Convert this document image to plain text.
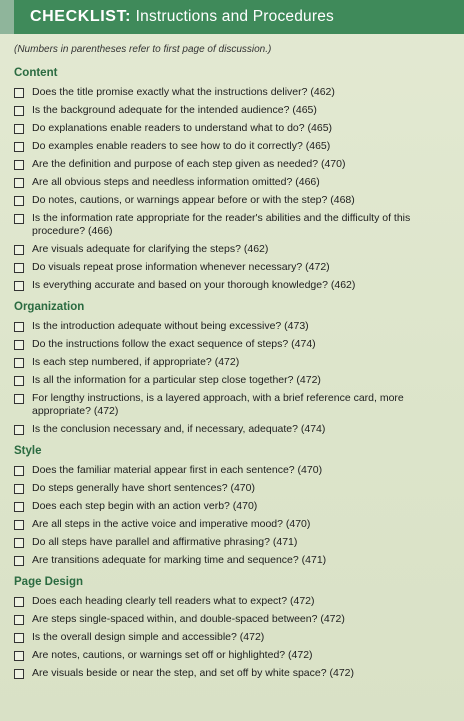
CHECKLIST: Instructions and Procedures
(Numbers in parentheses refer to first page of discussion.)
Content
Does the title promise exactly what the instructions deliver? (462)
Is the background adequate for the intended audience? (465)
Do explanations enable readers to understand what to do? (465)
Do examples enable readers to see how to do it correctly? (465)
Are the definition and purpose of each step given as needed? (470)
Are all obvious steps and needless information omitted? (466)
Do notes, cautions, or warnings appear before or with the step? (468)
Is the information rate appropriate for the reader's abilities and the difficulty of this procedure? (466)
Are visuals adequate for clarifying the steps? (462)
Do visuals repeat prose information whenever necessary? (472)
Is everything accurate and based on your thorough knowledge? (462)
Organization
Is the introduction adequate without being excessive? (473)
Do the instructions follow the exact sequence of steps? (474)
Is each step numbered, if appropriate? (472)
Is all the information for a particular step close together? (472)
For lengthy instructions, is a layered approach, with a brief reference card, more appropriate? (472)
Is the conclusion necessary and, if necessary, adequate? (474)
Style
Does the familiar material appear first in each sentence? (470)
Do steps generally have short sentences? (470)
Does each step begin with an action verb? (470)
Are all steps in the active voice and imperative mood? (470)
Do all steps have parallel and affirmative phrasing? (471)
Are transitions adequate for marking time and sequence? (471)
Page Design
Does each heading clearly tell readers what to expect? (472)
Are steps single-spaced within, and double-spaced between? (472)
Is the overall design simple and accessible? (472)
Are notes, cautions, or warnings set off or highlighted? (472)
Are visuals beside or near the step, and set off by white space? (472)
